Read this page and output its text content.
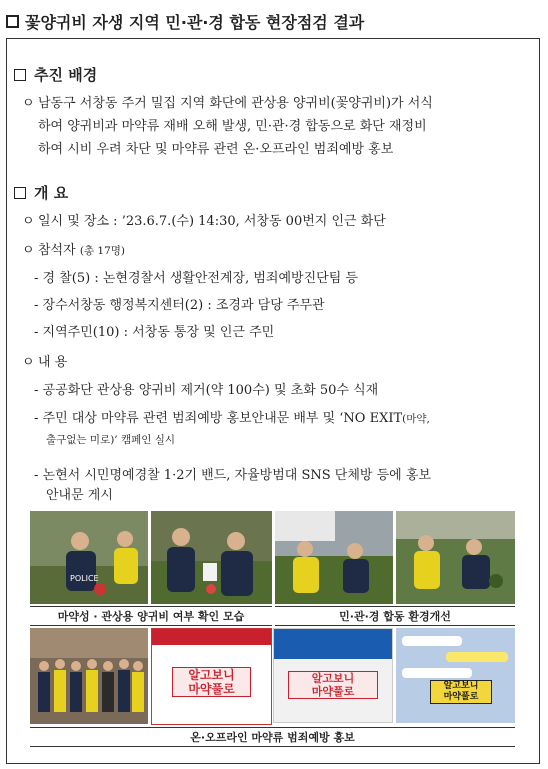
꽃양귀비 자생 지역 민·관·경 합동 현장점검 결과
추진 배경
ㅇ 남동구 서창동 주거 밀집 지역 화단에 관상용 양귀비(꽃양귀비)가 서식
하여 양귀비과 마약류 재배 오해 발생, 민·관·경 합동으로 화단 재정비
하여 시비 우려 차단 및 마약류 관련 온·오프라인 범죄예방 홍보
개 요
ㅇ 일시 및 장소 : ’23.6.7.(수) 14:30, 서창동 00번지 인근 화단
ㅇ 참석자 (총 17명)
- 경 찰(5) : 논현경찰서 생활안전계장, 범죄예방진단팀 등
- 장수서창동 행정복지센터(2) : 조경과 담당 주무관
- 지역주민(10) : 서창동 통장 및 인근 주민
ㅇ 내 용
- 공공화단 관상용 양귀비 제거(약 100수) 및 초화 50수 식재
- 주민 대상 마약류 관련 범죄예방 홍보안내문 배부 및 ‘NO EXIT(마약,
출구없는 미로)’ 캠페인 실시
- 논현서 시민명예경찰 1·2기 밴드, 자율방범대 SNS 단체방 등에 홍보
안내문 게시
POLICE
마약성 · 관상용 양귀비 여부 확인 모습	민·관·경 합동 환경개선
알고보니
마약풀로
알고보니
마약풀로	알고보니
마약풀로
온·오프라인 마약류 범죄예방 홍보
